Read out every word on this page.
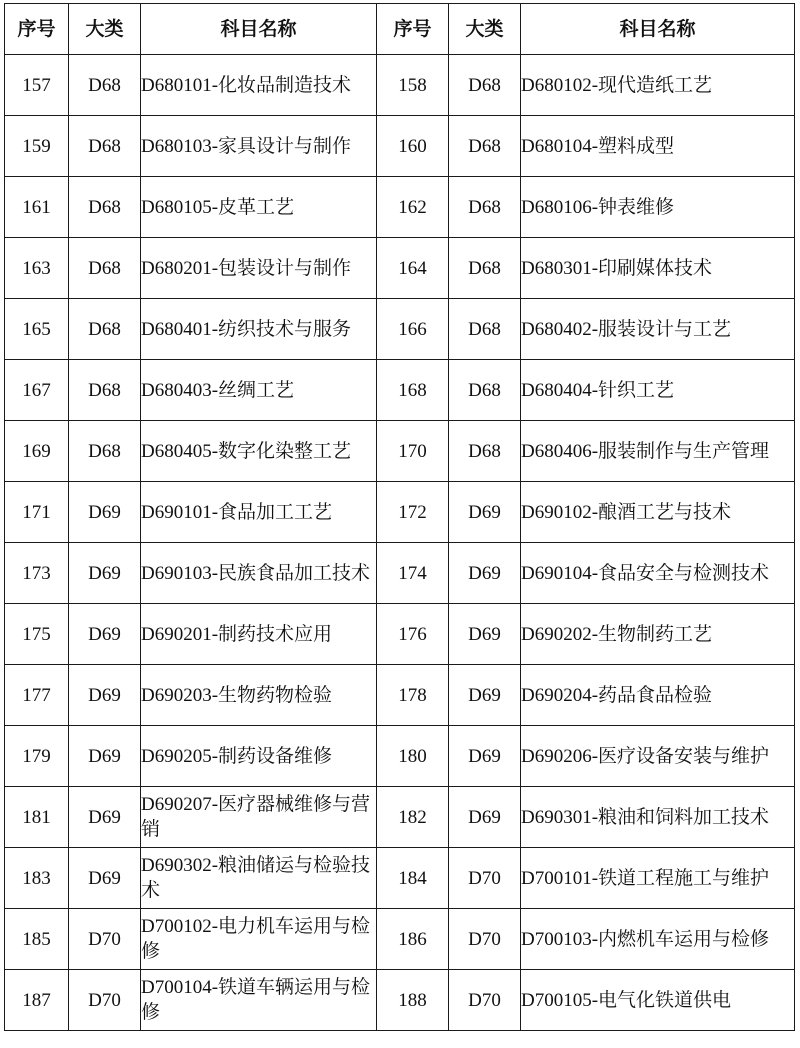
序号	大类	科目名称	序号	大类	科目名称
157	D68	D680101-化妆品制造技术	158	D68	D680102-现代造纸工艺
159	D68	D680103-家具设计与制作	160	D68	D680104-塑料成型
161	D68	D680105-皮革工艺	162	D68	D680106-钟表维修
163	D68	D680201-包装设计与制作	164	D68	D680301-印刷媒体技术
165	D68	D680401-纺织技术与服务	166	D68	D680402-服装设计与工艺
167	D68	D680403-丝绸工艺	168	D68	D680404-针织工艺
169	D68	D680405-数字化染整工艺	170	D68	D680406-服装制作与生产管理
171	D69	D690101-食品加工工艺	172	D69	D690102-酿酒工艺与技术
173	D69	D690103-民族食品加工技术	174	D69	D690104-食品安全与检测技术
175	D69	D690201-制药技术应用	176	D69	D690202-生物制药工艺
177	D69	D690203-生物药物检验	178	D69	D690204-药品食品检验
179	D69	D690205-制药设备维修	180	D69	D690206-医疗设备安装与维护
181	D69	D690207-医疗器械维修与营销	182	D69	D690301-粮油和饲料加工技术
183	D69	D690302-粮油储运与检验技术	184	D70	D700101-铁道工程施工与维护
185	D70	D700102-电力机车运用与检修	186	D70	D700103-内燃机车运用与检修
187	D70	D700104-铁道车辆运用与检修	188	D70	D700105-电气化铁道供电
